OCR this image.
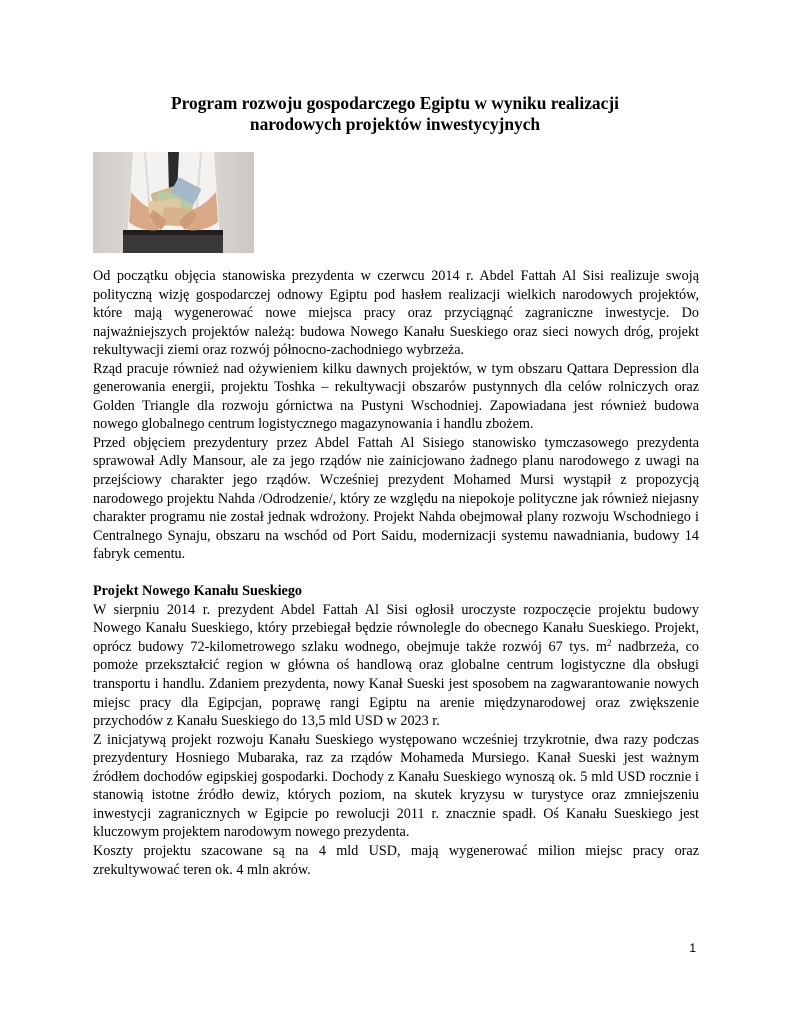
Program rozwoju gospodarczego Egiptu w wyniku realizacji
narodowych projektów inwestycyjnych

Od początku objęcia stanowiska prezydenta w czerwcu 2014 r. Abdel Fattah Al Sisi realizuje swoją polityczną wizję gospodarczej odnowy Egiptu pod hasłem realizacji wielkich narodowych projektów, które mają wygenerować nowe miejsca pracy oraz przyciągnąć zagraniczne inwestycje. Do najważniejszych projektów należą: budowa Nowego Kanału Sueskiego oraz sieci nowych dróg, projekt rekultywacji ziemi oraz rozwój północno-zachodniego wybrzeża.

Rząd pracuje również nad ożywieniem kilku dawnych projektów, w tym obszaru Qattara Depression dla generowania energii, projektu Toshka – rekultywacji obszarów pustynnych dla celów rolniczych oraz Golden Triangle dla rozwoju górnictwa na Pustyni Wschodniej. Zapowiadana jest również budowa nowego globalnego centrum logistycznego magazynowania i handlu zbożem.

Przed objęciem prezydentury przez Abdel Fattah Al Sisiego stanowisko tymczasowego prezydenta sprawował Adly Mansour, ale za jego rządów nie zainicjowano żadnego planu narodowego z uwagi na przejściowy charakter jego rządów. Wcześniej prezydent Mohamed Mursi wystąpił z propozycją narodowego projektu Nahda /Odrodzenie/, który ze względu na niepokoje polityczne jak również niejasny charakter programu nie został jednak wdrożony. Projekt Nahda obejmował plany rozwoju Wschodniego i Centralnego Synaju, obszaru na wschód od Port Saidu, modernizacji systemu nawadniania, budowy 14 fabryk cementu.

Projekt Nowego Kanału Sueskiego

W sierpniu 2014 r. prezydent Abdel Fattah Al Sisi ogłosił uroczyste rozpoczęcie projektu budowy Nowego Kanału Sueskiego, który przebiegał będzie równolegle do obecnego Kanału Sueskiego. Projekt, oprócz budowy 72-kilometrowego szlaku wodnego, obejmuje także rozwój 67 tys. $m^2$ nadbrzeża, co pomoże przekształcić region w główna oś handlową oraz globalne centrum logistyczne dla obsługi transportu i handlu. Zdaniem prezydenta, nowy Kanał Sueski jest sposobem na zagwarantowanie nowych miejsc pracy dla Egipcjan, poprawę rangi Egiptu na arenie międzynarodowej oraz zwiększenie przychodów z Kanału Sueskiego do 13,5 mld USD w 2023 r.

Z inicjatywą projekt rozwoju Kanału Sueskiego występowano wcześniej trzykrotnie, dwa razy podczas prezydentury Hosniego Mubaraka, raz za rządów Mohameda Mursiego. Kanał Sueski jest ważnym źródłem dochodów egipskiej gospodarki. Dochody z Kanału Sueskiego wynoszą ok. 5 mld USD rocznie i stanowią istotne źródło dewiz, których poziom, na skutek kryzysu w turystyce oraz zmniejszeniu inwestycji zagranicznych w Egipcie po rewolucji 2011 r. znacznie spadł. Oś Kanału Sueskiego jest kluczowym projektem narodowym nowego prezydenta.

Koszty projektu szacowane są na 4 mld USD, mają wygenerować milion miejsc pracy oraz zrekultywować teren ok. 4 mln akrów.

1
